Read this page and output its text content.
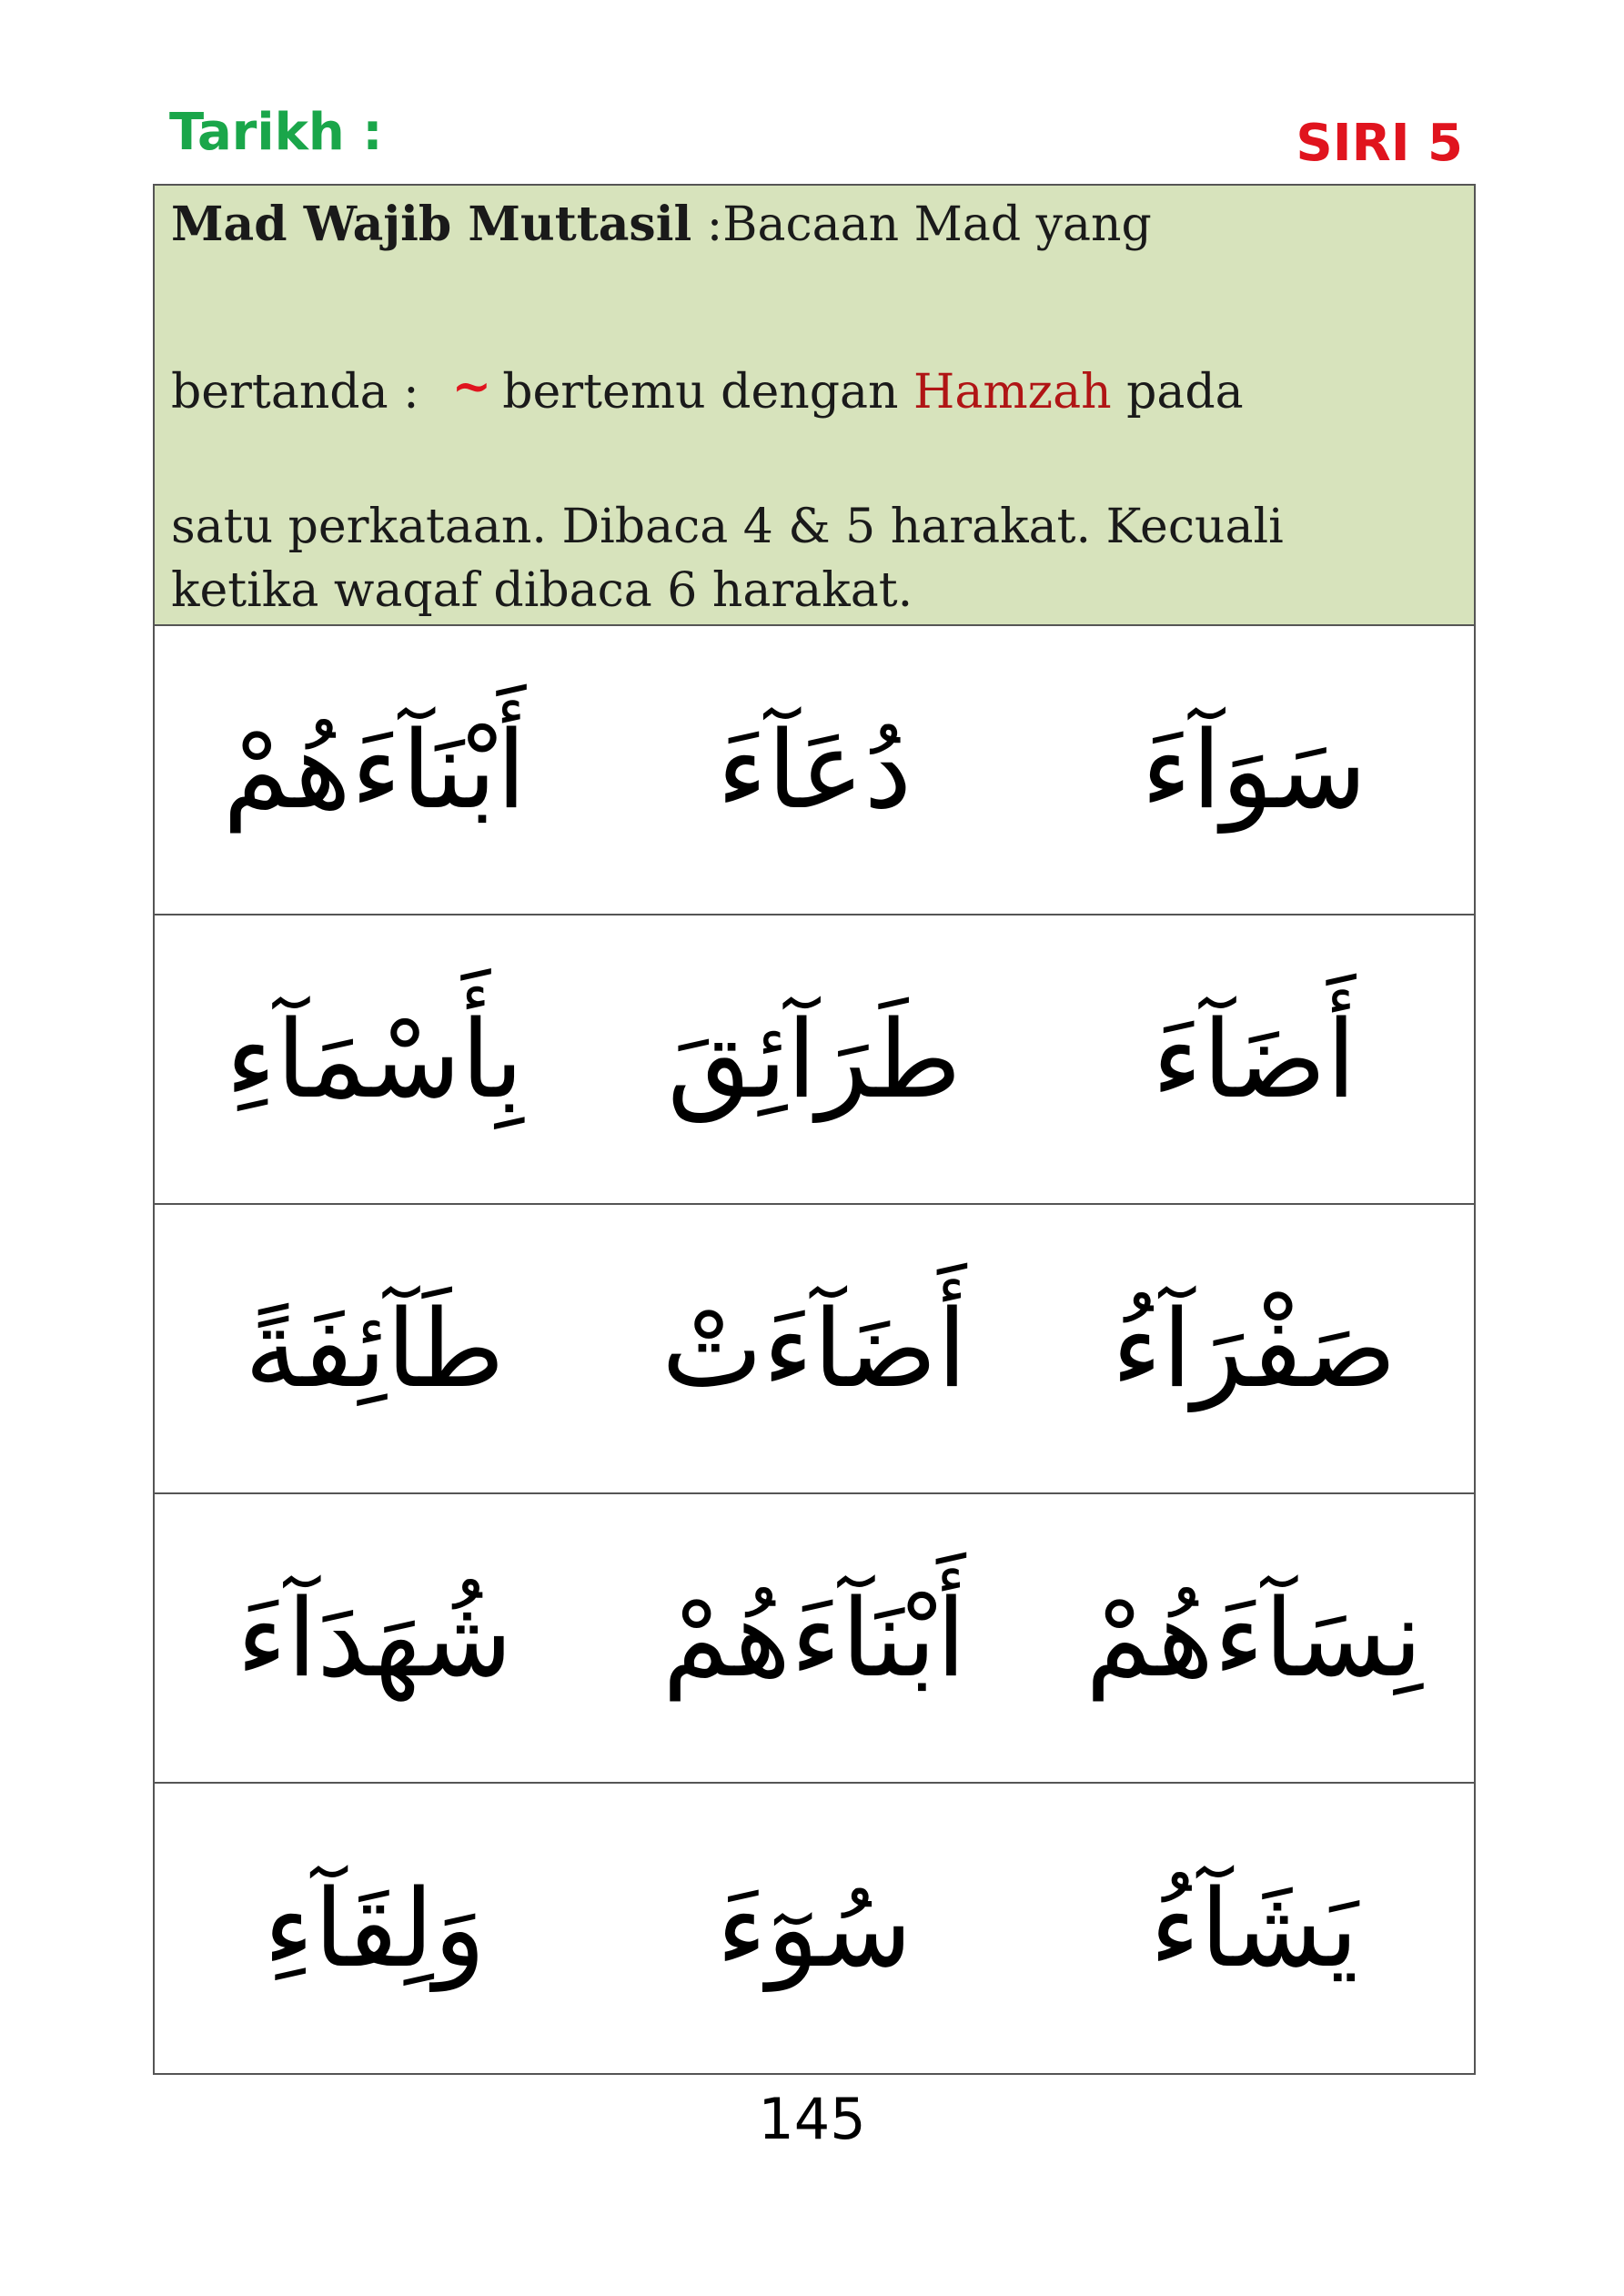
Tarikh :	SIRI 5
Mad Wajib Muttasil :Bacaan Mad yang
bertanda : ~ bertemu dengan Hamzah pada
satu perkataan. Dibaca 4 & 5 harakat. Kecuali
ketika waqaf dibaca 6 harakat.
سَوَآءَ
دُعَآءَ
أَبْنَآءَهُمْ
أَضَآءَ
طَرَآئِقَ
بِأَسْمَآءِ
صَفْرَآءُ
أَضَآءَتْ
طَآئِفَةً
نِسَآءَهُمْ
أَبْنَآءَهُمْ
شُهَدَآءَ
يَشَآءُ
سُوٓءَ
وَلِقَآءِ
145
